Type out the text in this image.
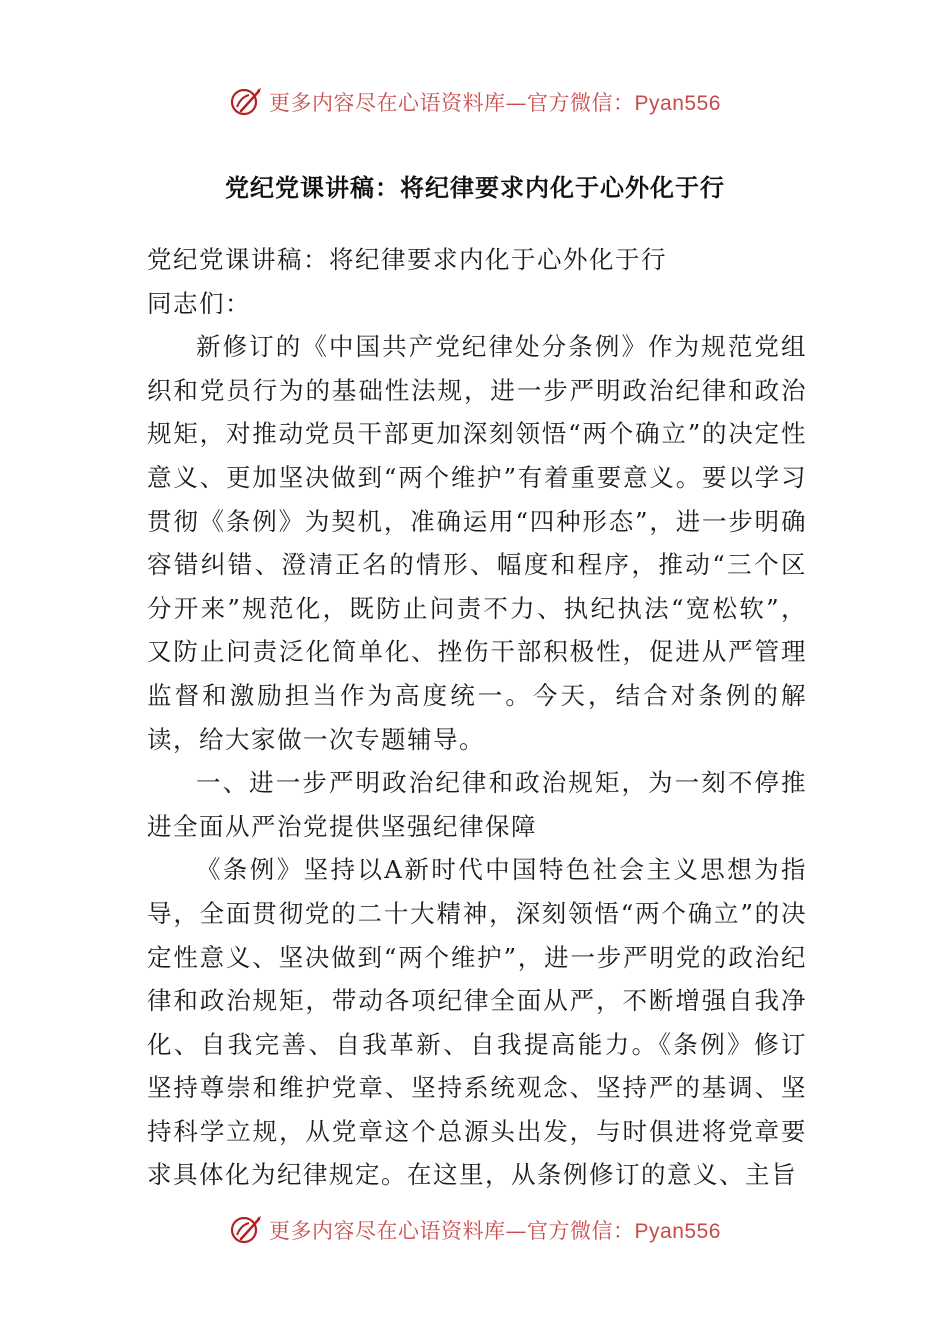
更多内容尽在心语资料库—官方微信：Pyan556
党纪党课讲稿：将纪律要求内化于心外化于行

党纪党课讲稿：将纪律要求内化于心外化于行

同志们：

新修订的《中国共产党纪律处分条例》作为规范党组织和党员行为的基础性法规，进一步严明政治纪律和政治规矩，对推动党员干部更加深刻领悟“两个确立”的决定性意义、更加坚决做到“两个维护”有着重要意义。要以学习贯彻《条例》为契机，准确运用“四种形态”，进一步明确容错纠错、澄清正名的情形、幅度和程序，推动“三个区分开来”规范化，既防止问责不力、执纪执法“宽松软”，又防止问责泛化简单化、挫伤干部积极性，促进从严管理监督和激励担当作为高度统一。今天，结合对条例的解读，给大家做一次专题辅导。

一、进一步严明政治纪律和政治规矩，为一刻不停推进全面从严治党提供坚强纪律保障

《条例》坚持以A新时代中国特色社会主义思想为指导，全面贯彻党的二十大精神，深刻领悟“两个确立”的决定性意义、坚决做到“两个维护”，进一步严明党的政治纪律和政治规矩，带动各项纪律全面从严，不断增强自我净化、自我完善、自我革新、自我提高能力。《条例》修订坚持尊崇和维护党章、坚持系统观念、坚持严的基调、坚持科学立规，从党章这个总源头出发，与时俱进将党章要求具体化为纪律规定。在这里，从条例修订的意义、主旨

更多内容尽在心语资料库—官方微信：Pyan556
